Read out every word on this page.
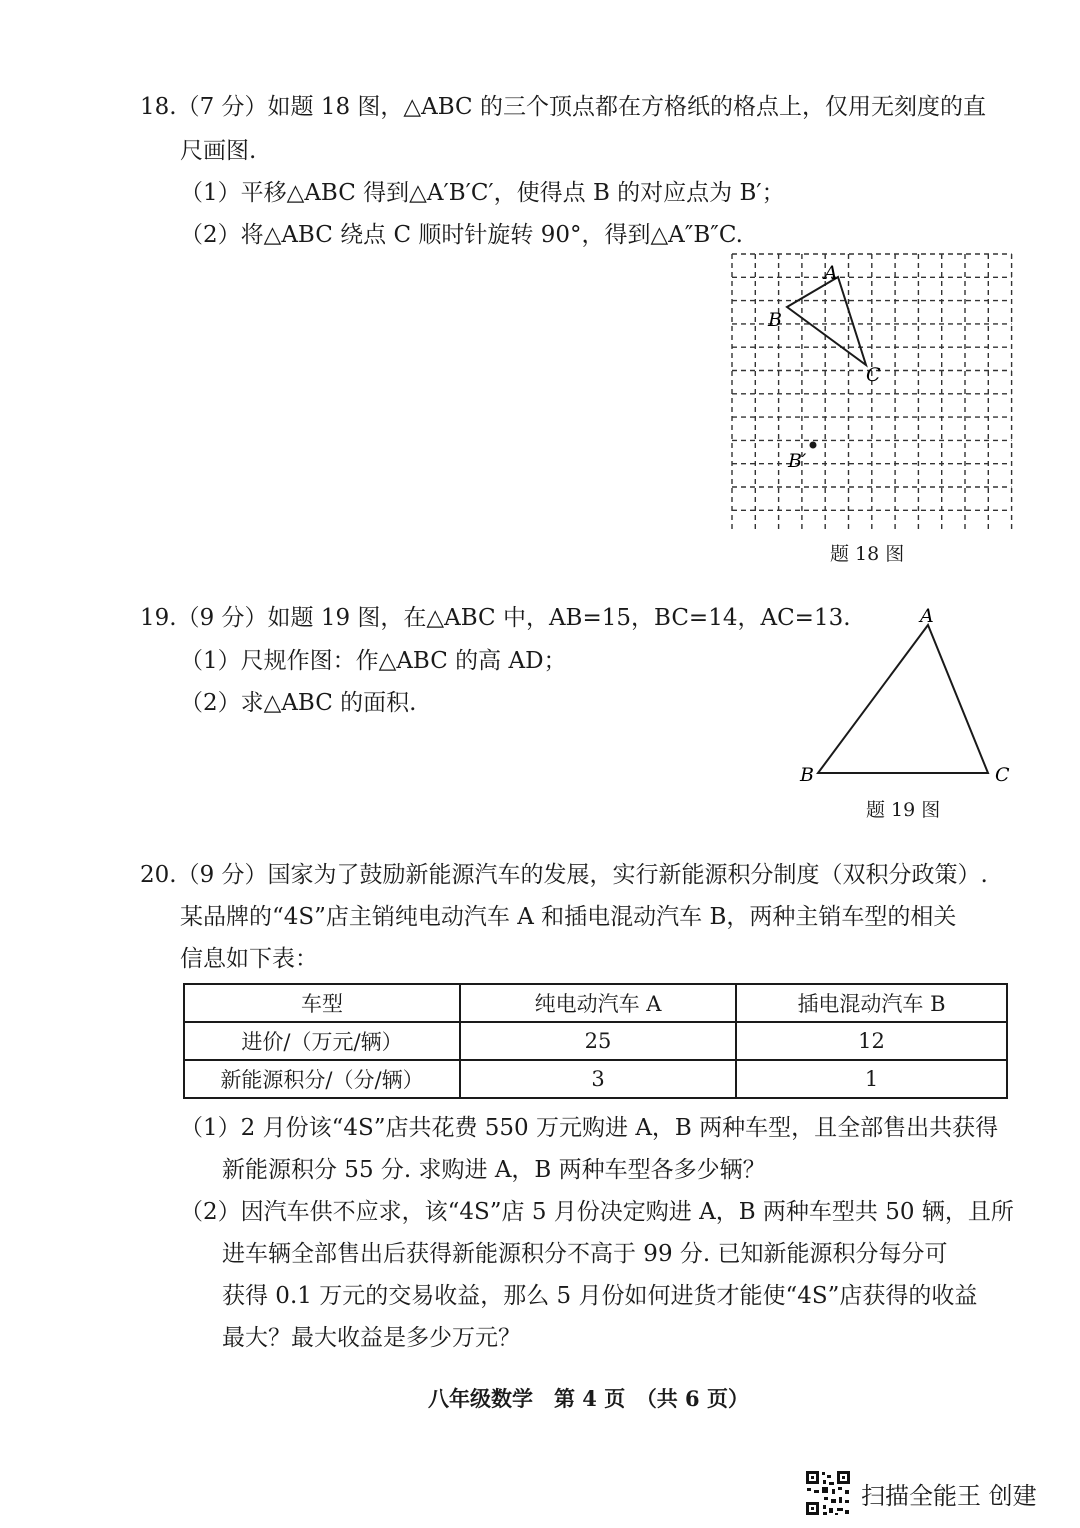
18.（7 分）如题 18 图，△ABC 的三个顶点都在方格纸的格点上，仅用无刻度的直
尺画图.
（1）平移△ABC 得到△A′B′C′，使得点 B 的对应点为 B′；
（2）将△ABC 绕点 C 顺时针旋转 90°，得到△A″B″C.
A
B
C
B′
题 18 图
19.（9 分）如题 19 图，在△ABC 中，AB=15，BC=14，AC=13.
（1）尺规作图：作△ABC 的高 AD；
（2）求△ABC 的面积.
A
B	C
题 19 图
20.（9 分）国家为了鼓励新能源汽车的发展，实行新能源积分制度（双积分政策）.
某品牌的“4S”店主销纯电动汽车 A 和插电混动汽车 B，两种主销车型的相关
信息如下表：
车型	纯电动汽车 A	插电混动汽车 B
进价/（万元/辆）	25	12
新能源积分/（分/辆）	3	1
（1）2 月份该“4S”店共花费 550 万元购进 A，B 两种车型，且全部售出共获得
新能源积分 55 分. 求购进 A，B 两种车型各多少辆？
（2）因汽车供不应求，该“4S”店 5 月份决定购进 A，B 两种车型共 50 辆，且所
进车辆全部售出后获得新能源积分不高于 99 分. 已知新能源积分每分可
获得 0.1 万元的交易收益，那么 5 月份如何进货才能使“4S”店获得的收益
最大？最大收益是多少万元？
八年级数学　第 4 页　（共 6 页）
扫描全能王 创建
